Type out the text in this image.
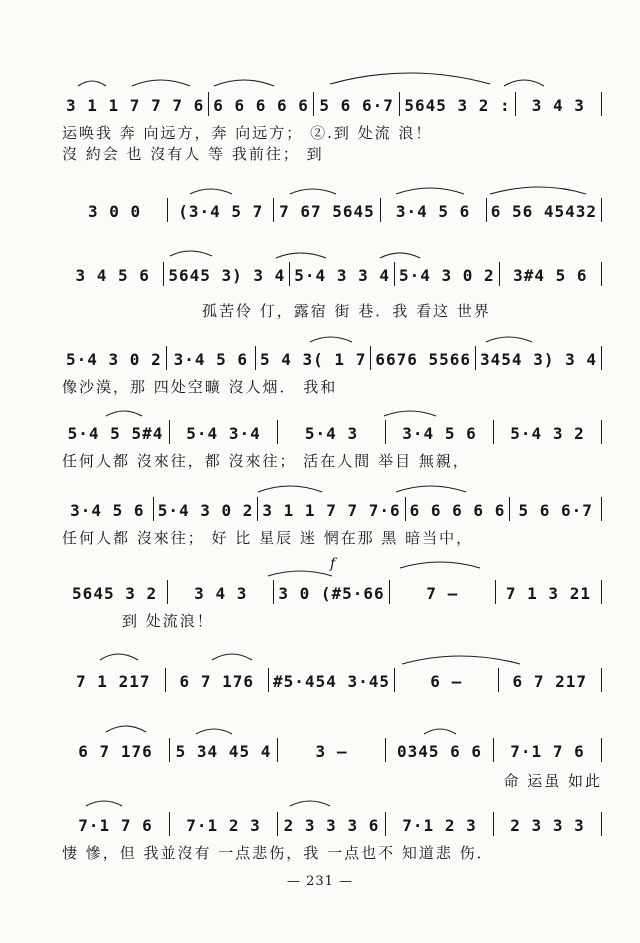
3 1 1 7 7 7 6 6 6 6 6 6 5 6 6·7 5645 3 2 :	3 4 3
运唤我 奔 向远方，奔 向远方； ②.到 处流 浪！
沒 約会 也 沒有人 等 我前往； 到
3 0 0	(3·4 5 7 7 67 5645	3·4 5 6	6 56 45432
3 4 5 6	5645 3) 3 4 5·4 3 3 4 5·4 3 0 2	3#4 5 6
孤苦伶 仃，露宿 街 巷．我 看这 世界
5·4 3 0 2 3·4 5 6 5 4 3( 1 7 6676 5566 3454 3) 3 4
像沙漠，那 四处空曠 沒人烟． 我和
5·4 5 5#4	5·4 3·4	5·4 3	3·4 5 6	5·4 3 2
任何人都 沒來往，都 沒來往； 活在人間 举目 無親，
3·4 5 6 5·4 3 0 2 3 1 1 7 7 7·6 6 6 6 6 6 5 6 6·7
任何人都 沒來往； 好 比 星辰 迷 惘在那 黑 暗当中，
f
5645 3 2	3 4 3	3 0 (#5·66	7 –	7 1 3 21
到 处流浪！
7 1 217	6 7 176	#5·454 3·45	6 –	6 7 217
6 7 176	5 34 45 4	3 –	0345 6 6	7·1 7 6
命 运虽 如此
7·1 7 6	7·1 2 3	2 3 3 3 6	7·1 2 3	2 3 3 3
悽 慘，但 我並沒有 一点悲伤，我 一点也不 知道悲 伤．
— 231 —
